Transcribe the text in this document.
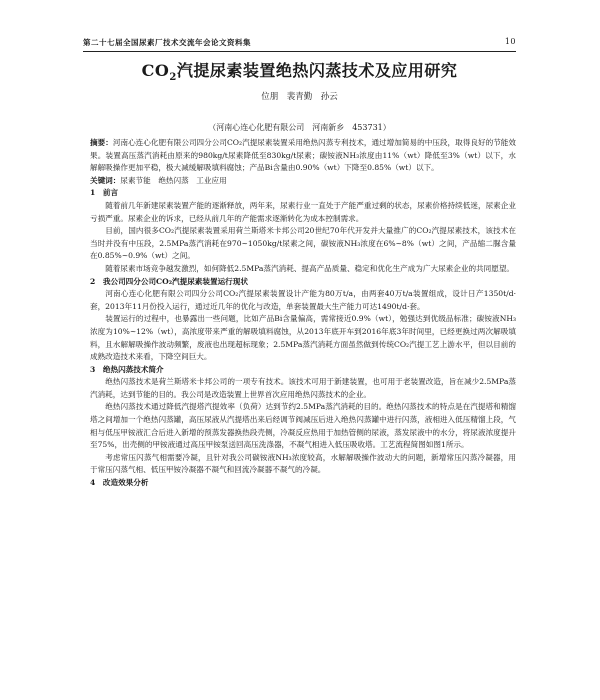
第二十七届全国尿素厂技术交流年会论文资料集	10
$CO_2$汽提尿素装置绝热闪蒸技术及应用研究
位朋　裴青勤　孙云
（河南心连心化肥有限公司　河南新乡　453731）

摘要：河南心连心化肥有限公司四分公司CO₂汽提尿素装置采用绝热闪蒸专利技术，通过增加简易的中压段，取得良好的节能效果。装置高压蒸汽消耗由原来的980kg/t尿素降低至830kg/t尿素；碳铵液NH₃浓度由11%（wt）降低至3%（wt）以下，水解解吸操作更加平稳，极大减缓解吸填料腐蚀；产品Bi含量由0.90%（wt）下降至0.85%（wt）以下。

关键词：尿素节能　绝热闪蒸　工业应用

1　前言

随着前几年新建尿素装置产能的逐渐释放，两年来，尿素行业一直处于产能严重过剩的状态，尿素价格持续低迷，尿素企业亏损严重。尿素企业的诉求，已经从前几年的产能需求逐渐转化为成本控制需求。

目前，国内很多CO₂汽提尿素装置采用荷兰斯塔米卡邦公司20世纪70年代开发并大量推广的CO₂汽提尿素技术，该技术在当时并没有中压段，2.5MPa蒸汽消耗在970~1050kg/t尿素之间，碳铵液NH₃浓度在6%~8%（wt）之间，产品缩二脲含量在0.85%~0.9%（wt）之间。

随着尿素市场竞争越发激烈，如何降低2.5MPa蒸汽消耗、提高产品质量、稳定和优化生产成为广大尿素企业的共同愿望。

2　我公司四分公司CO₂汽提尿素装置运行现状

河南心连心化肥有限公司四分公司CO₂汽提尿素装置设计产能为80万t/a，由两套40万t/a装置组成，设计日产1350t/d·套，2013年11月份投入运行，通过近几年的优化与改造，单套装置最大生产能力可达1490t/d·套。

装置运行的过程中，也暴露出一些问题，比如产品Bi含量偏高，需常接近0.9%（wt），勉强达到优级品标准；碳铵液NH₃浓度为10%~12%（wt），高浓度带来严重的解吸填料腐蚀，从2013年底开车到2016年底3年时间里，已经更换过两次解吸填料，且水解解吸操作波动频繁，废液也出现超标现象；2.5MPa蒸汽消耗方面虽然做到传统CO₂汽提工艺上游水平，但以目前的成熟改造技术来看，下降空间巨大。

3　绝热闪蒸技术简介

绝热闪蒸技术是荷兰斯塔米卡邦公司的一项专有技术。该技术可用于新建装置，也可用于老装置改造，旨在减少2.5MPa蒸汽消耗，达到节能的目的。我公司是改造装置上世界首次应用绝热闪蒸技术的企业。

绝热闪蒸技术通过降低汽提塔汽提效率（负荷）达到节约2.5MPa蒸汽消耗的目的。绝热闪蒸技术的特点是在汽提塔和精馏塔之间增加一个绝热闪蒸罐，高压尿液从汽提塔出来后经调节阀减压后进入绝热闪蒸罐中进行闪蒸，液相进入低压精馏上段，气相与低压甲铵液汇合后进入新增的预蒸发器换热段壳侧，冷凝反应热用于加热管侧的尿液，蒸发尿液中的水分，将尿液浓度提升至75%，出壳侧的甲铵液通过高压甲铵泵送回高压洗涤器，不凝气相进入低压吸收塔。工艺流程简图如图1所示。

考虑常压闪蒸气相需要冷凝，且针对我公司碳铵液NH₃浓度较高，水解解吸操作波动大的问题，新增常压闪蒸冷凝器，用于常压闪蒸气相、低压甲铵冷凝器不凝气和回流冷凝器不凝气的冷凝。

4　改造效果分析
